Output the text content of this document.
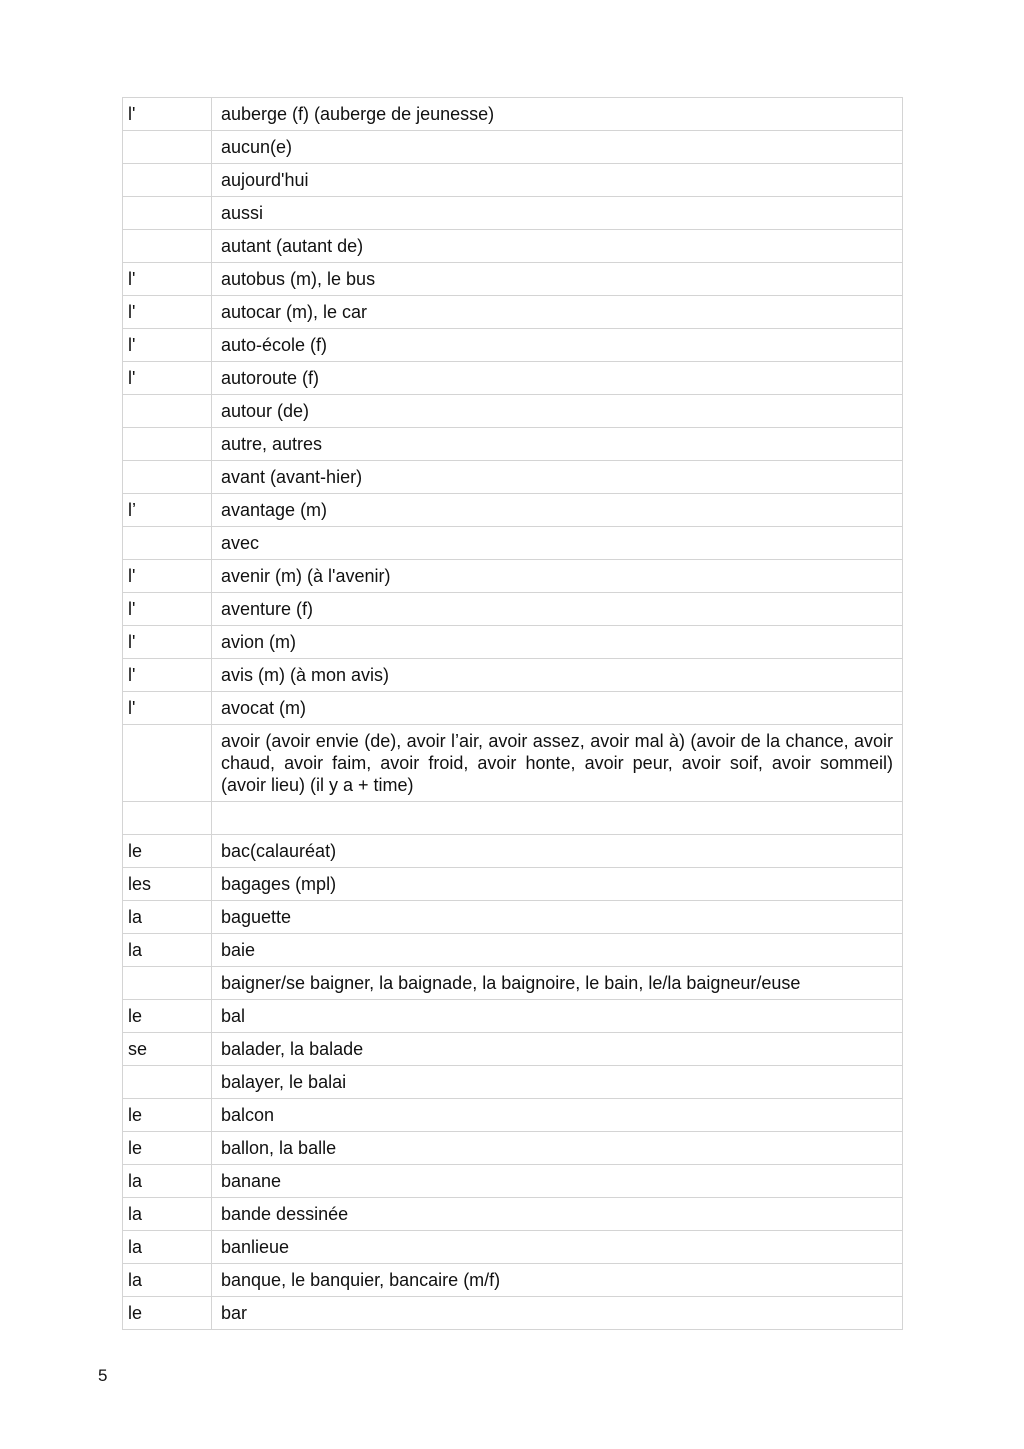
l'	auberge (f) (auberge de jeunesse)
	aucun(e)
	aujourd'hui
	aussi
	autant (autant de)
l'	autobus (m), le bus
l'	autocar (m), le car
l'	auto-école (f)
l'	autoroute (f)
	autour (de)
	autre, autres
	avant (avant-hier)
l’	avantage (m)
	avec
l'	avenir (m) (à l'avenir)
l'	aventure (f)
l'	avion (m)
l'	avis (m) (à mon avis)
l'	avocat (m)
	avoir (avoir envie (de), avoir l’air, avoir assez, avoir mal à) (avoir de la chance, avoir chaud, avoir faim, avoir froid, avoir honte, avoir peur, avoir soif, avoir sommeil) (avoir lieu) (il y a + time)

le	bac(calauréat)
les	bagages (mpl)
la	baguette
la	baie
	baigner/se baigner, la baignade, la baignoire, le bain, le/la baigneur/euse
le	bal
se	balader, la balade
	balayer, le balai
le	balcon
le	ballon, la balle
la	banane
la	bande dessinée
la	banlieue
la	banque, le banquier, bancaire (m/f)
le	bar
5
